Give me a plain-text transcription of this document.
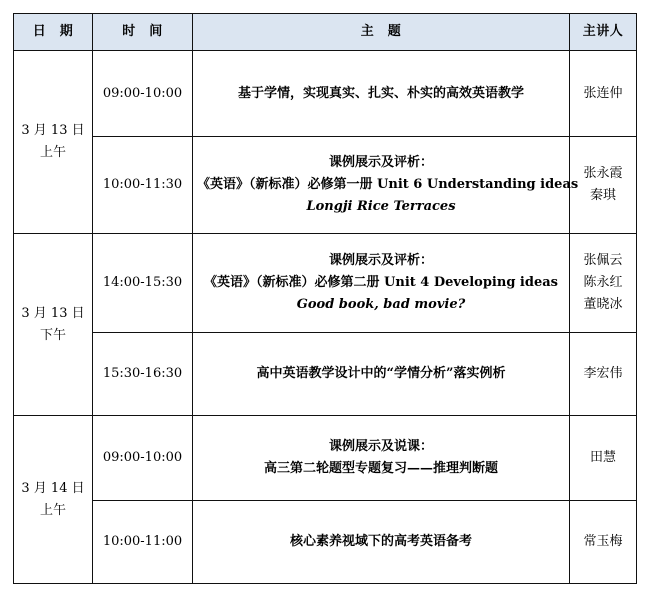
日　期	时　间	主　题	主讲人

3 月 13 日
上午	09:00-10:00	基于学情，实现真实、扎实、朴实的高效英语教学	张连仲

	10:00-11:30	课例展示及评析：
《英语》（新标准）必修第一册 Unit 6 Understanding ideas
Longji Rice Terraces	张永霞
秦琪

3 月 13 日
下午	14:00-15:30	课例展示及评析：
《英语》（新标准）必修第二册 Unit 4 Developing ideas
Good book, bad movie?	张佩云
陈永红
董晓冰

	15:30-16:30	高中英语教学设计中的“学情分析”落实例析	李宏伟

3 月 14 日
上午	09:00-10:00	课例展示及说课：
高三第二轮题型专题复习——推理判断题	田慧

	10:00-11:00	核心素养视域下的高考英语备考	常玉梅
